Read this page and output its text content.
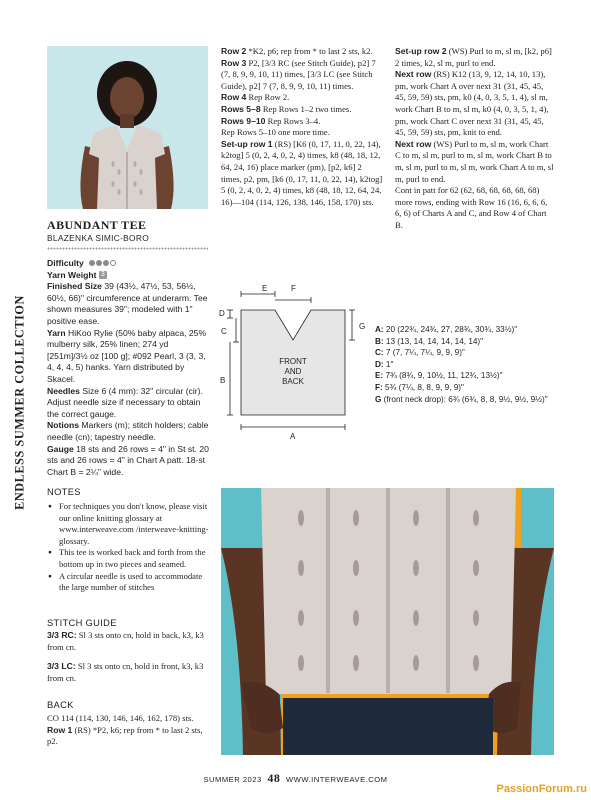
ENDLESS SUMMER COLLECTION
ABUNDANT TEE
BLAZENKA SIMIC-BORO

Difficulty

Yarn Weight 3

Finished Size 39 (43½, 47½, 53, 56½, 60½, 66)" circumference at underarm. Tee shown measures 39"; modeled with 1" positive ease.

Yarn HiKoo Rylie (50% baby alpaca, 25% mulberry silk, 25% linen; 274 yd [251m]/3½ oz [100 g]; #092 Pearl, 3 (3, 3, 4, 4, 4, 5) hanks. Yarn distributed by Skacel.

Needles Size 6 (4 mm): 32" circular (cir). Adjust needle size if necessary to obtain the correct gauge.

Notions Markers (m); stitch holders; cable needle (cn); tapestry needle.

Gauge 18 sts and 26 rows = 4" in St st. 20 sts and 26 rows = 4" in Chart A patt. 18-st Chart B = 2¼" wide.

NOTES
● For techniques you don't know, please visit our online knitting glossary at www.interweave.com /interweave-knitting-glossary.
● This tee is worked back and forth from the bottom up in two pieces and seamed.
● A circular needle is used to accommodate the large number of stitches
STITCH GUIDE

3/3 RC: Sl 3 sts onto cn, hold in back, k3, k3 from cn.

3/3 LC: Sl 3 sts onto cn, hold in front, k3, k3 from cn.

BACK

CO 114 (114, 130, 146, 146, 162, 178) sts.

Row 1 (RS) *P2, k6; rep from * to last 2 sts, p2.

Row 2 *K2, p6; rep from * to last 2 sts, k2.

Row 3 P2, [3/3 RC (see Stitch Guide), p2] 7 (7, 8, 9, 9, 10, 11) times, [3/3 LC (see Stitch Guide), p2] 7 (7, 8, 9, 9, 10, 11) times.

Row 4 Rep Row 2.

Rows 5–8 Rep Rows 1–2 two times.

Rows 9–10 Rep Rows 3–4.

Rep Rows 5–10 one more time.

Set-up row 1 (RS) [K6 (0, 17, 11, 0, 22, 14), k2tog] 5 (0, 2, 4, 0, 2, 4) times, k8 (48, 18, 12, 64, 24, 16) place marker (pm), [p2, k6] 2 times, p2, pm, [k6 (0, 17, 11, 0, 22, 14), k2tog] 5 (0, 2, 4, 0, 2, 4) times, k8 (48, 18, 12, 64, 24, 16)—104 (114, 126, 138, 146, 158, 170) sts.

Set-up row 2 (WS) Purl to m, sl m, [k2, p6] 2 times, k2, sl m, purl to end.

Next row (RS) K12 (13, 9, 12, 14, 10, 13), pm, work Chart A over next 31 (31, 45, 45, 45, 59, 59) sts, pm, k0 (4, 0, 3, 5, 1, 4), sl m, work Chart B to m, sl m, k0 (4, 0, 3, 5, 1, 4), pm, work Chart C over next 31 (31, 45, 45, 45, 59, 59) sts, pm, knit to end.

Next row (WS) Purl to m, sl m, work Chart C to m, sl m, purl to m, sl m, work Chart B to m, sl m, purl to m, sl m, work Chart A to m, sl m, purl to end.

Cont in patt for 62 (62, 68, 68, 68, 68, 68) more rows, ending with Row 16 (16, 6, 6, 6, 6, 6) of Charts A and C, and Row 4 of Chart B.

E	F
D
C
B
G
A
FRONT
AND
BACK

A: 20 (22¾, 24¾, 27, 28¾, 30¾, 33½)"

B: 13 (13, 14, 14, 14, 14, 14)"

C: 7 (7, 7¼, 7¼, 9, 9, 9)"

D: 1"

E: 7¾ (8¾, 9, 10½, 11, 12¾, 13½)"

F: 5¾ (7¼, 8, 8, 9, 9, 9)"

G (front neck drop): 6¾ (6¾, 8, 8, 9½, 9½, 9½)"

SUMMER 2023 48 WWW.INTERWEAVE.COM
PassionForum.ru
